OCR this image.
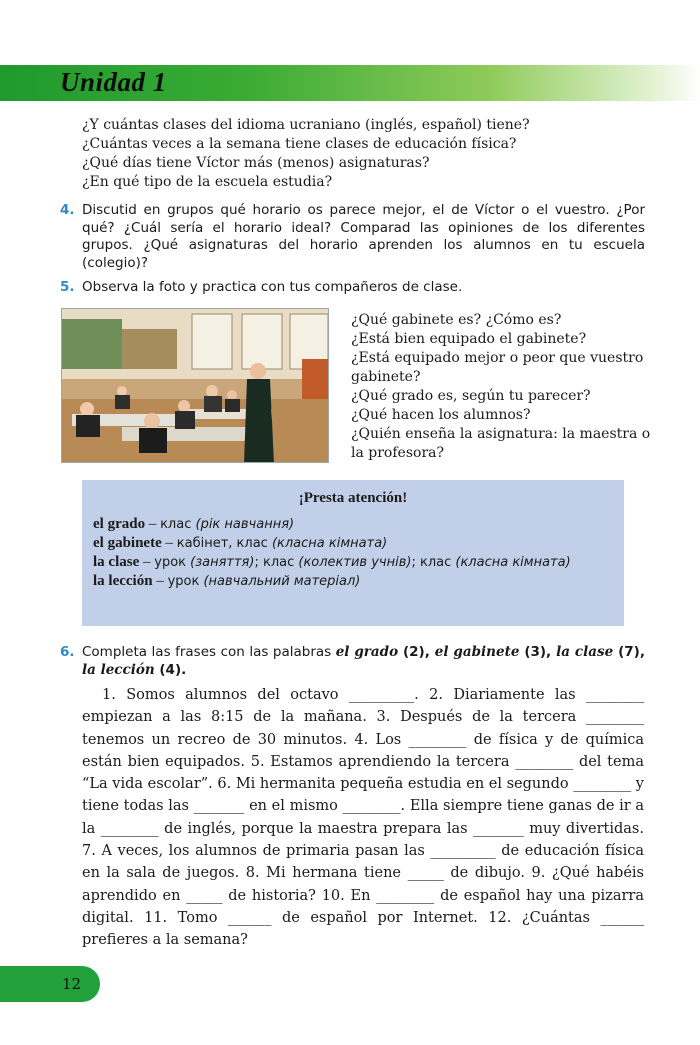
Unidad 1
¿Y cuántas clases del idioma ucraniano (inglés, español) tiene?
¿Cuántas veces a la semana tiene clases de educación física?
¿Qué días tiene Víctor más (menos) asignaturas?
¿En qué tipo de la escuela estudia?
4. Discutid en grupos qué horario os parece mejor, el de Víctor o el vuestro. ¿Por qué? ¿Cuál sería el horario ideal? Comparad las opiniones de los diferentes grupos. ¿Qué asignaturas del horario aprenden los alumnos en tu escuela (colegio)?
5. Observa la foto y practica con tus compañeros de clase.
¿Qué gabinete es? ¿Cómo es?
¿Está bien equipado el gabinete?
¿Está equipado mejor o peor que vuestro gabinete?
¿Qué grado es, según tu parecer?
¿Qué hacen los alumnos?
¿Quién enseña la asignatura: la maestra o la profesora?
¡Presta atención!
el grado – клас (рік навчання)
el gabinete – кабінет, клас (класна кімната)
la clase – урок (заняття); клас (колектив учнів); клас (класна кімната)
la lección – урок (навчальний матеріал)
6. Completa las frases con las palabras el grado (2), el gabinete (3), la clase (7), la lección (4).
1. Somos alumnos del octavo _________. 2. Diariamente las ________ empiezan a las 8:15 de la mañana. 3. Después de la tercera ________ tenemos un recreo de 30 minutos. 4. Los ________ de física y de química están bien equipados. 5. Estamos aprendiendo la tercera ________ del tema “La vida escolar”. 6. Mi hermanita pequeña estudia en el segundo ________ y tiene todas las _______ en el mismo ________. Ella siempre tiene ganas de ir a la ________ de inglés, porque la maestra prepara las _______ muy divertidas. 7. A veces, los alumnos de primaria pasan las _________ de educación física en la sala de juegos. 8. Mi hermana tiene _____ de dibujo. 9. ¿Qué habéis aprendido en _____ de historia? 10. En ________ de español hay una pizarra digital. 11. Tomo ______ de español por Internet. 12. ¿Cuántas ______ prefieres a la semana?
12
